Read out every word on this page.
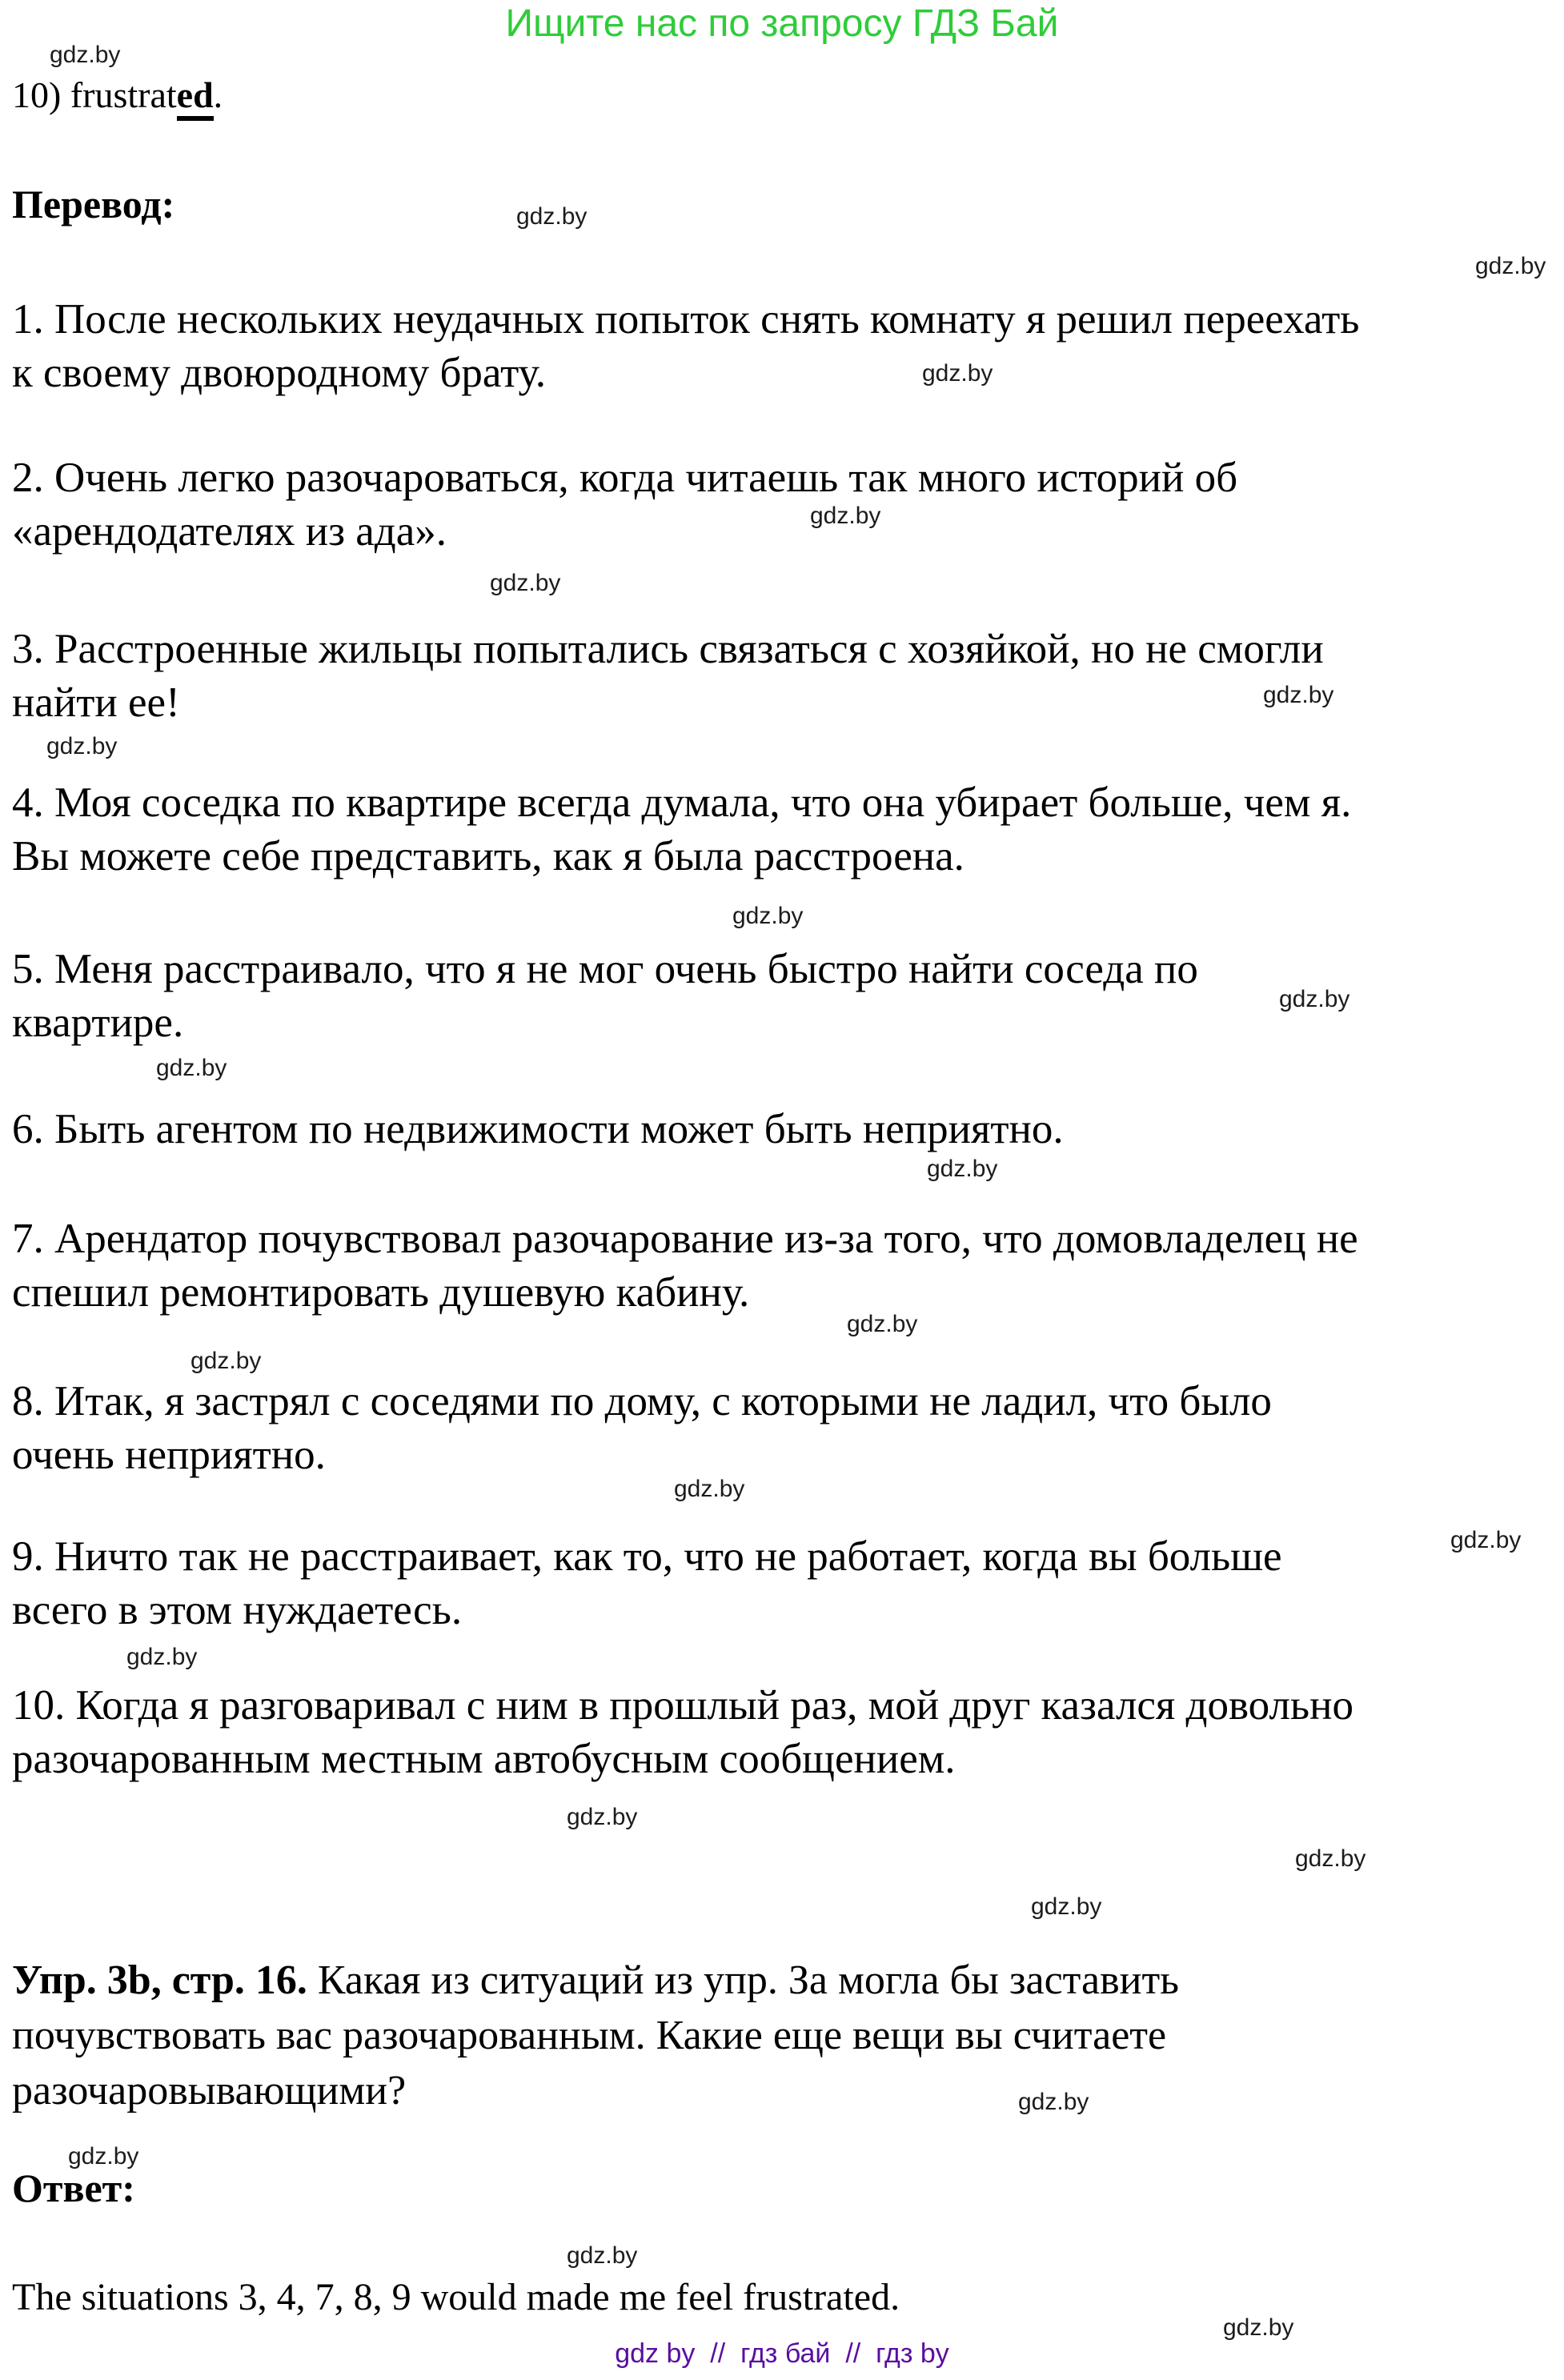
Ищите нас по запросу ГДЗ Бай
gdz.by
gdz.by
gdz.by
gdz.by
gdz.by
gdz.by
gdz.by
gdz.by
gdz.by
gdz.by
gdz.by
gdz.by
gdz.by
gdz.by
gdz.by
gdz.by
gdz.by
gdz.by
gdz.by
gdz.by
gdz.by
gdz.by
gdz.by
gdz.by
10) frustrated.
Перевод:
1. После нескольких неудачных попыток снять комнату я решил переехать
к своему двоюродному брату.
2. Очень легко разочароваться, когда читаешь так много историй об
«арендодателях из ада».
3. Расстроенные жильцы попытались связаться с хозяйкой, но не смогли
найти ее!
4. Моя соседка по квартире всегда думала, что она убирает больше, чем я.
Вы можете себе представить, как я была расстроена.
5. Меня расстраивало, что я не мог очень быстро найти соседа по
квартире.
6. Быть агентом по недвижимости может быть неприятно.
7. Арендатор почувствовал разочарование из-за того, что домовладелец не
спешил ремонтировать душевую кабину.
8. Итак, я застрял с соседями по дому, с которыми не ладил, что было
очень неприятно.
9. Ничто так не расстраивает, как то, что не работает, когда вы больше
всего в этом нуждаетесь.
10. Когда я разговаривал с ним в прошлый раз, мой друг казался довольно
разочарованным местным автобусным сообщением.
Упр. 3b, стр. 16. Какая из ситуаций из упр. За могла бы заставить
почувствовать вас разочарованным. Какие еще вещи вы считаете
разочаровывающими?
Ответ:
The situations 3, 4, 7, 8, 9 would made me feel frustrated.
gdz by  //  гдз бай  //  гдз by
